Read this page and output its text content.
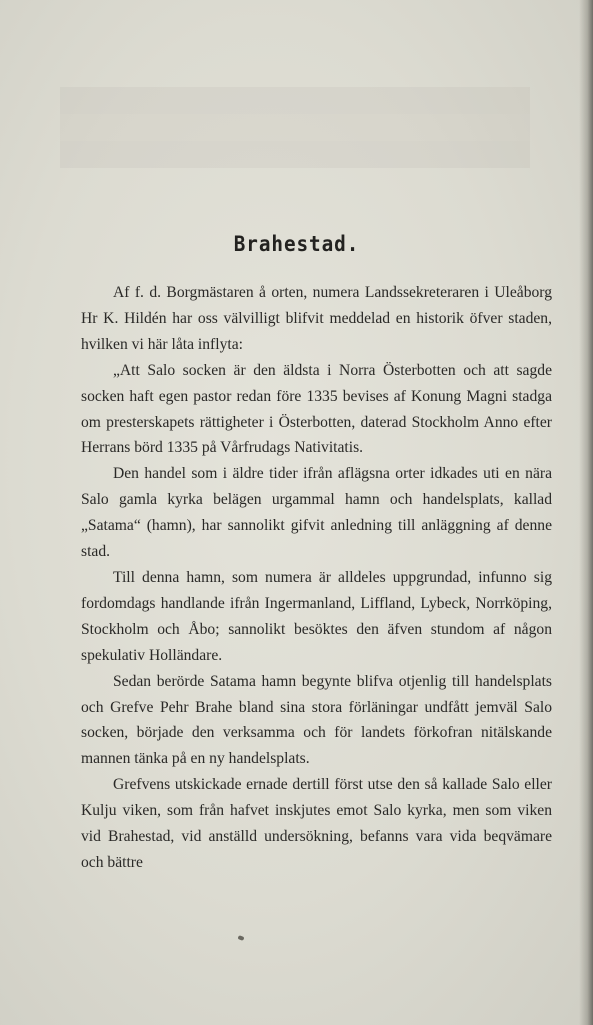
Brahestad.

Af f. d. Borgmästaren å orten, numera Landssekreteraren i Uleåborg Hr K. Hildén har oss välvilligt blifvit meddelad en historik öfver staden, hvilken vi här låta inflyta:

„Att Salo socken är den äldsta i Norra Österbotten och att sagde socken haft egen pastor redan före 1335 bevises af Konung Magni stadga om presterskapets rättigheter i Österbotten, daterad Stockholm Anno efter Herrans börd 1335 på Vårfrudags Nativitatis.

Den handel som i äldre tider ifrån aflägsna orter idkades uti en nära Salo gamla kyrka belägen urgammal hamn och handelsplats, kallad „Satama“ (hamn), har sannolikt gifvit anledning till anläggning af denne stad.

Till denna hamn, som numera är alldeles uppgrundad, infunno sig fordomdags handlande ifrån Ingermanland, Liffland, Lybeck, Norrköping, Stockholm och Åbo; sannolikt besöktes den äfven stundom af någon spekulativ Holländare.

Sedan berörde Satama hamn begynte blifva otjenlig till handelsplats och Grefve Pehr Brahe bland sina stora förläningar undfått jemväl Salo socken, började den verksamma och för landets förkofran nitälskande mannen tänka på en ny handelsplats.

Grefvens utskickade ernade dertill först utse den så kallade Salo eller Kulju viken, som från hafvet inskjutes emot Salo kyrka, men som viken vid Brahestad, vid anställd undersökning, befanns vara vida beqvämare och bättre
